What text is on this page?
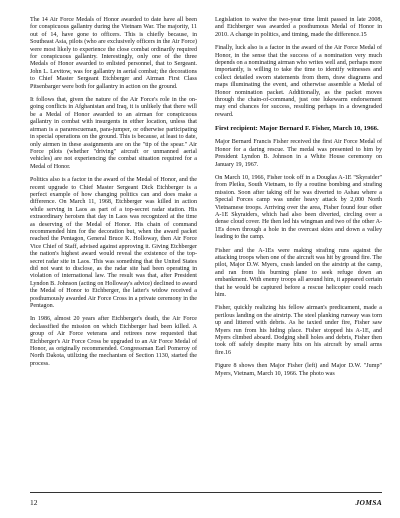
The 14 Air Force Medals of Honor awarded to date have all been for conspicuous gallantry during the Vietnam War. The majority, 11 out of 14, have gone to officers. This is chiefly because, in Southeast Asia, pilots (who are exclusively officers in the Air Force) were most likely to experience the close combat ordinarily required for conspicuous gallantry. Interestingly, only one of the three Medals of Honor awarded to enlisted personnel, that to Sergeant. John L. Levitow, was for gallantry in aerial combat; the decorations to Chief Master Sergeant Etchberger and Airman First Class Pitsenbarger were both for gallantry in action on the ground.

It follows that, given the nature of the Air Force's role in the on-going conflicts in Afghanistan and Iraq, it is unlikely that there will be a Medal of Honor awarded to an airman for conspicuous gallantry in combat with insurgents in either location, unless that airman is a pararescueman, para-jumper, or otherwise participating in special operations on the ground. This is because, at least to date, only airmen in these assignments are on the "tip of the spear." Air Force pilots (whether "driving" aircraft or unmanned aerial vehicles) are not experiencing the combat situation required for a Medal of Honor.

Politics also is a factor in the award of the Medal of Honor, and the recent upgrade to Chief Master Sergeant Dick Etchberger is a perfect example of how changing politics can and does make a difference. On March 11, 1968, Etchberger was killed in action while serving in Laos as part of a top-secret radar station. His extraordinary heroism that day in Laos was recognized at the time as deserving of the Medal of Honor. His chain of command recommended him for the decoration but, when the award packet reached the Pentagon, General Bruce K. Holloway, then Air Force Vice Chief of Staff, advised against approving it. Giving Etchberger the nation's highest award would reveal the existence of the top-secret radar site in Laos. This was something that the United States did not want to disclose, as the radar site had been operating in violation of international law. The result was that, after President Lyndon B. Johnson (acting on Holloway's advice) declined to award the Medal of Honor to Etchberger, the latter's widow received a posthumously awarded Air Force Cross in a private ceremony in the Pentagon.

In 1986, almost 20 years after Etchberger's death, the Air Force declassified the mission on which Etchberger had been killed. A group of Air Force veterans and retirees now requested that Etchberger's Air Force Cross be upgraded to an Air Force Medal of Honor, as originally recommended. Congressman Earl Pomeroy of North Dakota, utilizing the mechanism of Section 1130, started the process.

Legislation to waive the two-year time limit passed in late 2008, and Etchberger was awarded a posthumous Medal of Honor in 2010. A change in politics, and timing, made the difference.15

Finally, luck also is a factor in the award of the Air Force Medal of Honor, in the sense that the success of a nomination very much depends on a nominating airman who writes well and, perhaps more importantly, is willing to take the time to identify witnesses and collect detailed sworn statements from them, draw diagrams and maps illuminating the event, and otherwise assemble a Medal of Honor nomination packet. Additionally, as the packet moves through the chain-of-command, just one lukewarm endorsement may end chances for success, resulting perhaps in a downgraded reward.

First recipient: Major Bernard F. Fisher, March 10, 1966.

Major Bernard Francis Fisher received the first Air Force Medal of Honor for a daring rescue. The medal was presented to him by President Lyndon B. Johnson in a White House ceremony on January 19, 1967.

On March 10, 1966, Fisher took off in a Douglas A-1E "Skyraider" from Pleiku, South Vietnam, to fly a routine bombing and strafing mission. Soon after taking off he was diverted to Ashau where a Special Forces camp was under heavy attack by 2,000 North Vietnamese troops. Arriving over the area, Fisher found four other A-1E Skyraiders, which had also been diverted, circling over a dense cloud cover. He then led his wingman and two of the other A-1Es down through a hole in the overcast skies and down a valley leading to the camp.

Fisher and the A-1Es were making strafing runs against the attacking troops when one of the aircraft was hit by ground fire. The pilot, Major D.W. Myers, crash landed on the airstrip at the camp, and ran from his burning plane to seek refuge down an embankment. With enemy troops all around him, it appeared certain that he would be captured before a rescue helicopter could reach him.

Fisher, quickly realizing his fellow airman's predicament, made a perilous landing on the airstrip. The steel planking runway was torn up and littered with debris. As he taxied under fire, Fisher saw Myers run from his hiding place. Fisher stopped his A-1E, and Myers climbed aboard. Dodging shell holes and debris, Fisher then took off safely despite many hits on his aircraft by small arms fire.16

Figure 8 shows then Major Fisher (left) and Major D.W. "Jump" Myers, Vietnam, March 10, 1966. The photo was

12	JOMSA
